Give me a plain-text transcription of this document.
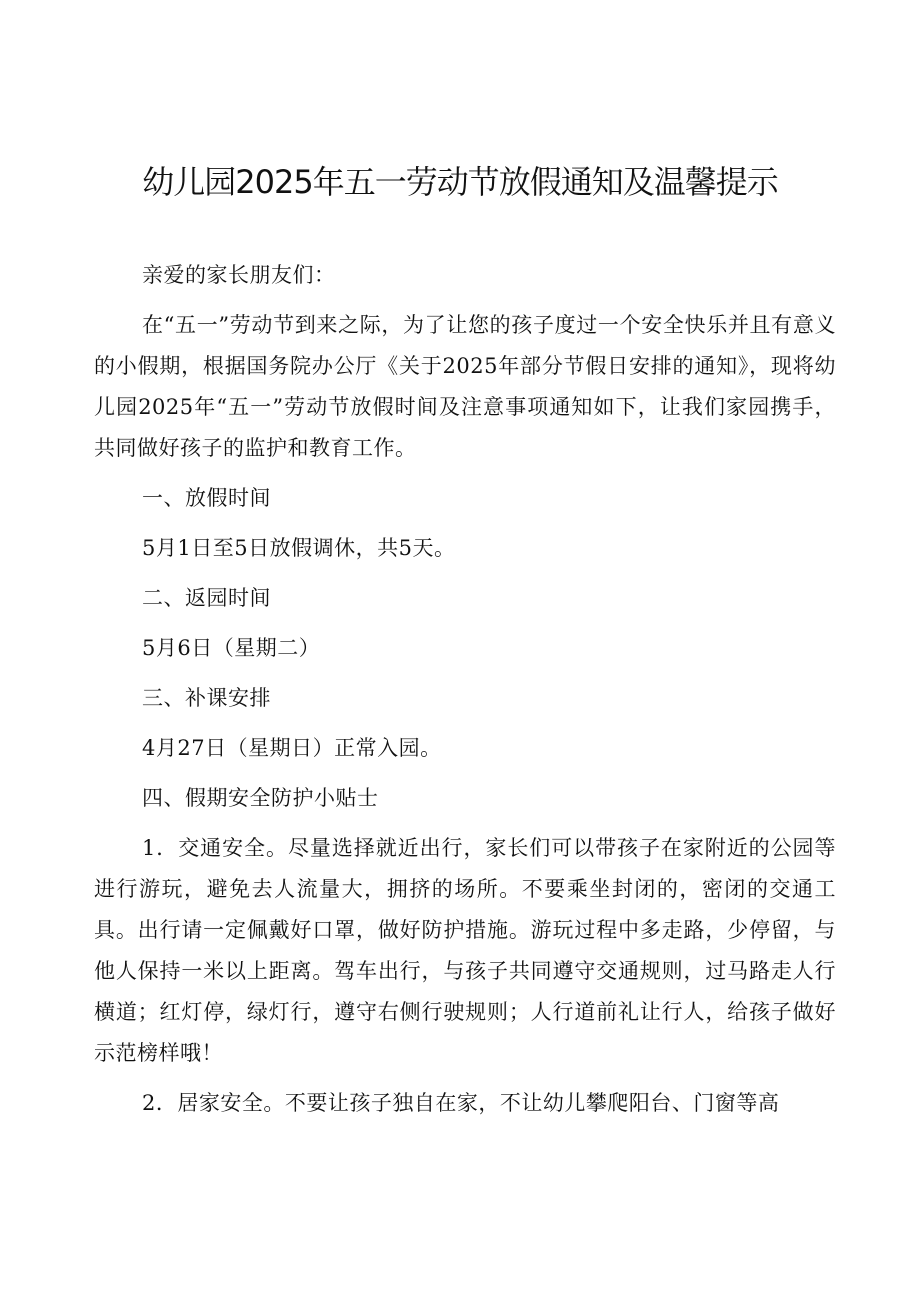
幼儿园2025年五一劳动节放假通知及温馨提示

亲爱的家长朋友们：

在“五一”劳动节到来之际，为了让您的孩子度过一个安全快乐并且有意义的小假期，根据国务院办公厅《关于2025年部分节假日安排的通知》，现将幼儿园2025年“五一”劳动节放假时间及注意事项通知如下，让我们家园携手，共同做好孩子的监护和教育工作。

一、放假时间
5月1日至5日放假调休，共5天。
二、返园时间
5月6日（星期二）
三、补课安排
4月27日（星期日）正常入园。
四、假期安全防护小贴士

1．交通安全。尽量选择就近出行，家长们可以带孩子在家附近的公园等进行游玩，避免去人流量大，拥挤的场所。不要乘坐封闭的，密闭的交通工具。出行请一定佩戴好口罩，做好防护措施。游玩过程中多走路，少停留，与他人保持一米以上距离。驾车出行，与孩子共同遵守交通规则，过马路走人行横道；红灯停，绿灯行，遵守右侧行驶规则；人行道前礼让行人，给孩子做好示范榜样哦！

2．居家安全。不要让孩子独自在家，不让幼儿攀爬阳台、门窗等高
